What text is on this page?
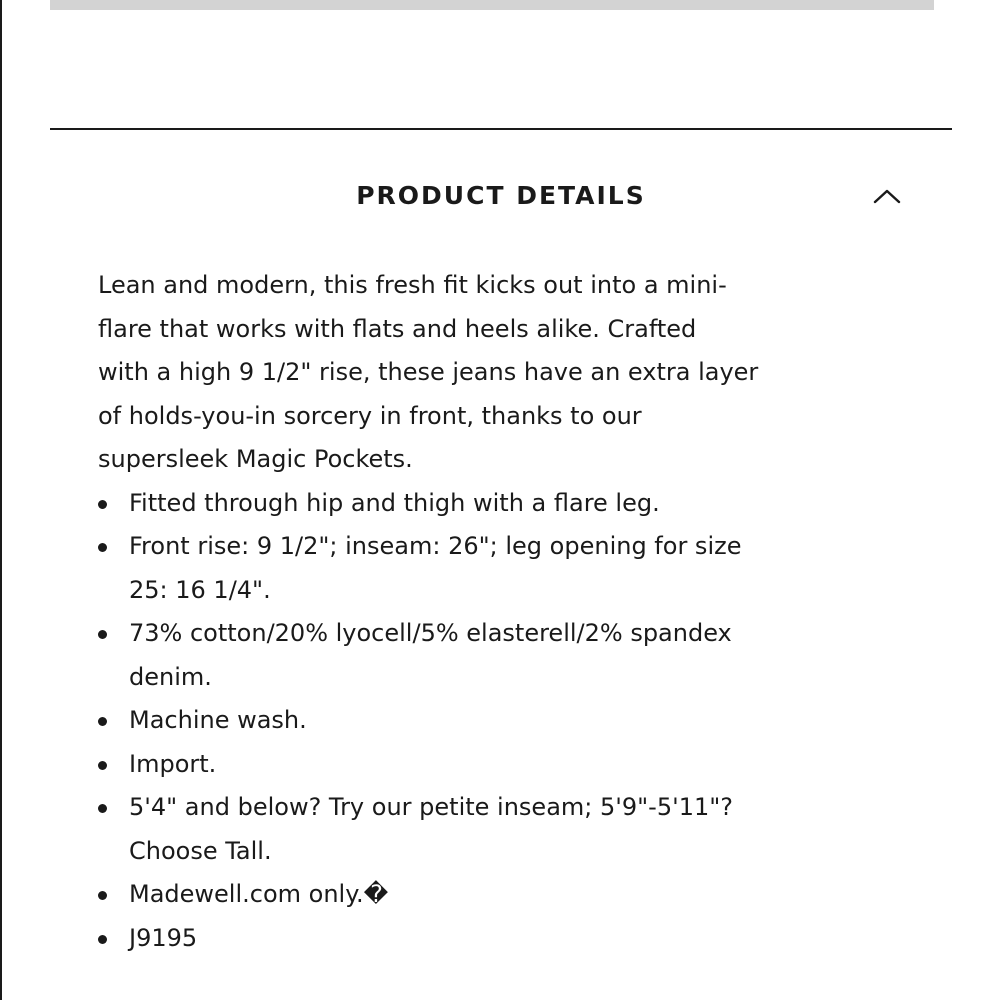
PRODUCT DETAILS

Lean and modern, this fresh fit kicks out into a mini-
flare that works with flats and heels alike. Crafted
with a high 9 1/2" rise, these jeans have an extra layer
of holds-you-in sorcery in front, thanks to our
supersleek Magic Pockets.

Fitted through hip and thigh with a flare leg.
Front rise: 9 1/2"; inseam: 26"; leg opening for size
25: 16 1/4".
73% cotton/20% lyocell/5% elasterell/2% spandex
denim.
Machine wash.
Import.
5'4" and below? Try our petite inseam; 5'9"-5'11"?
Choose Tall.
Madewell.com only.�
J9195
